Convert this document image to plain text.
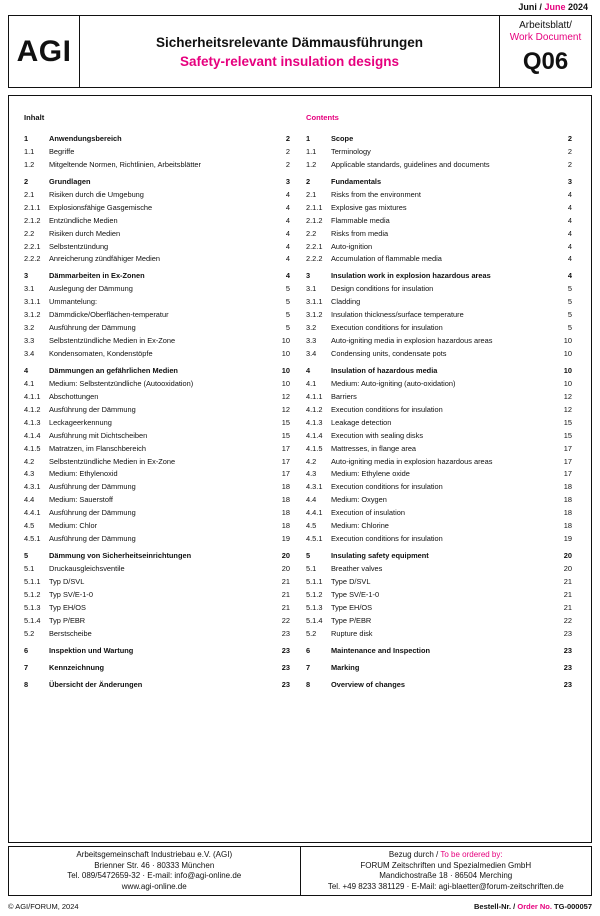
Juni / June 2024
AGI	Sicherheitsrelevante Dämmausführungen
Safety-relevant insulation designs
Arbeitsblatt/
Work Document
Q06
Inhalt
1	Anwendungsbereich	2
1.1 Begriffe	2
1.2 Mitgeltende Normen, Richtlinien, Arbeitsblätter	2
2	Grundlagen	3
2.1 Risiken durch die Umgebung	4
2.1.1 Explosionsfähige Gasgemische	4
2.1.2 Entzündliche Medien	4
2.2 Risiken durch Medien	4
2.2.1 Selbstentzündung	4
2.2.2 Anreicherung zündfähiger Medien	4
3	Dämmarbeiten in Ex-Zonen	4
3.1 Auslegung der Dämmung	5
3.1.1 Ummantelung:	5
3.1.2 Dämmdicke/Oberflächen-temperatur	5
3.2 Ausführung der Dämmung	5
3.3 Selbstentzündliche Medien in Ex-Zone	10
3.4 Kondensomaten, Kondenstöpfe	10
4	Dämmungen an gefährlichen Medien	10
4.1 Medium: Selbstentzündliche (Autooxidation)	10
4.1.1 Abschottungen	12
4.1.2 Ausführung der Dämmung	12
4.1.3 Leckageerkennung	15
4.1.4 Ausführung mit Dichtscheiben	15
4.1.5 Matratzen, im Flanschbereich	17
4.2 Selbstentzündliche Medien in Ex-Zone	17
4.3 Medium: Ethylenoxid	17
4.3.1 Ausführung der Dämmung	18
4.4 Medium: Sauerstoff	18
4.4.1 Ausführung der Dämmung	18
4.5 Medium: Chlor	18
4.5.1 Ausführung der Dämmung	19
5	Dämmung von Sicherheitseinrichtungen	20
5.1 Druckausgleichsventile	20
5.1.1 Typ D/SVL	21
5.1.2 Typ SV/E-1-0	21
5.1.3 Typ EH/OS	21
5.1.4 Typ P/EBR	22
5.2 Berstscheibe	23
6	Inspektion und Wartung	23
7	Kennzeichnung	23
8	Übersicht der Änderungen	23
Contents
1	Scope	2
1.1 Terminology	2
1.2 Applicable standards, guidelines and documents	2
2	Fundamentals	3
2.1 Risks from the environment	4
2.1.1 Explosive gas mixtures	4
2.1.2 Flammable media	4
2.2 Risks from media	4
2.2.1 Auto-ignition	4
2.2.2 Accumulation of flammable media	4
3	Insulation work in explosion hazardous areas	4
3.1 Design conditions for insulation	5
3.1.1 Cladding	5
3.1.2 Insulation thickness/surface temperature	5
3.2 Execution conditions for insulation	5
3.3 Auto-igniting media in explosion hazardous areas	10
3.4 Condensing units, condensate pots	10
4	Insulation of hazardous media	10
4.1 Medium: Auto-igniting (auto-oxidation)	10
4.1.1 Barriers	12
4.1.2 Execution conditions for insulation	12
4.1.3 Leakage detection	15
4.1.4 Execution with sealing disks	15
4.1.5 Mattresses, in flange area	17
4.2 Auto-igniting media in explosion hazardous areas	17
4.3 Medium: Ethylene oxide	17
4.3.1 Execution conditions for insulation	18
4.4 Medium: Oxygen	18
4.4.1 Execution of insulation	18
4.5 Medium: Chlorine	18
4.5.1 Execution conditions for insulation	19
5	Insulating safety equipment	20
5.1 Breather valves	20
5.1.1 Type D/SVL	21
5.1.2 Type SV/E-1-0	21
5.1.3 Type EH/OS	21
5.1.4 Type P/EBR	22
5.2 Rupture disk	23
6	Maintenance and Inspection	23
7	Marking	23
8	Overview of changes	23
Arbeitsgemeinschaft Industriebau e.V. (AGI)
Brienner Str. 46 · 80333 München
Tel. 089/5472659-32 · E-mail: info@agi-online.de
www.agi-online.de
Bezug durch / To be ordered by:
FORUM Zeitschriften und Spezialmedien GmbH
Mandichostraße 18 · 86504 Merching
Tel. +49 8233 381129 · E-Mail: agi-blaetter@forum-zeitschriften.de
© AGI/FORUM, 2024	Bestell-Nr. / Order No. TG-000057
